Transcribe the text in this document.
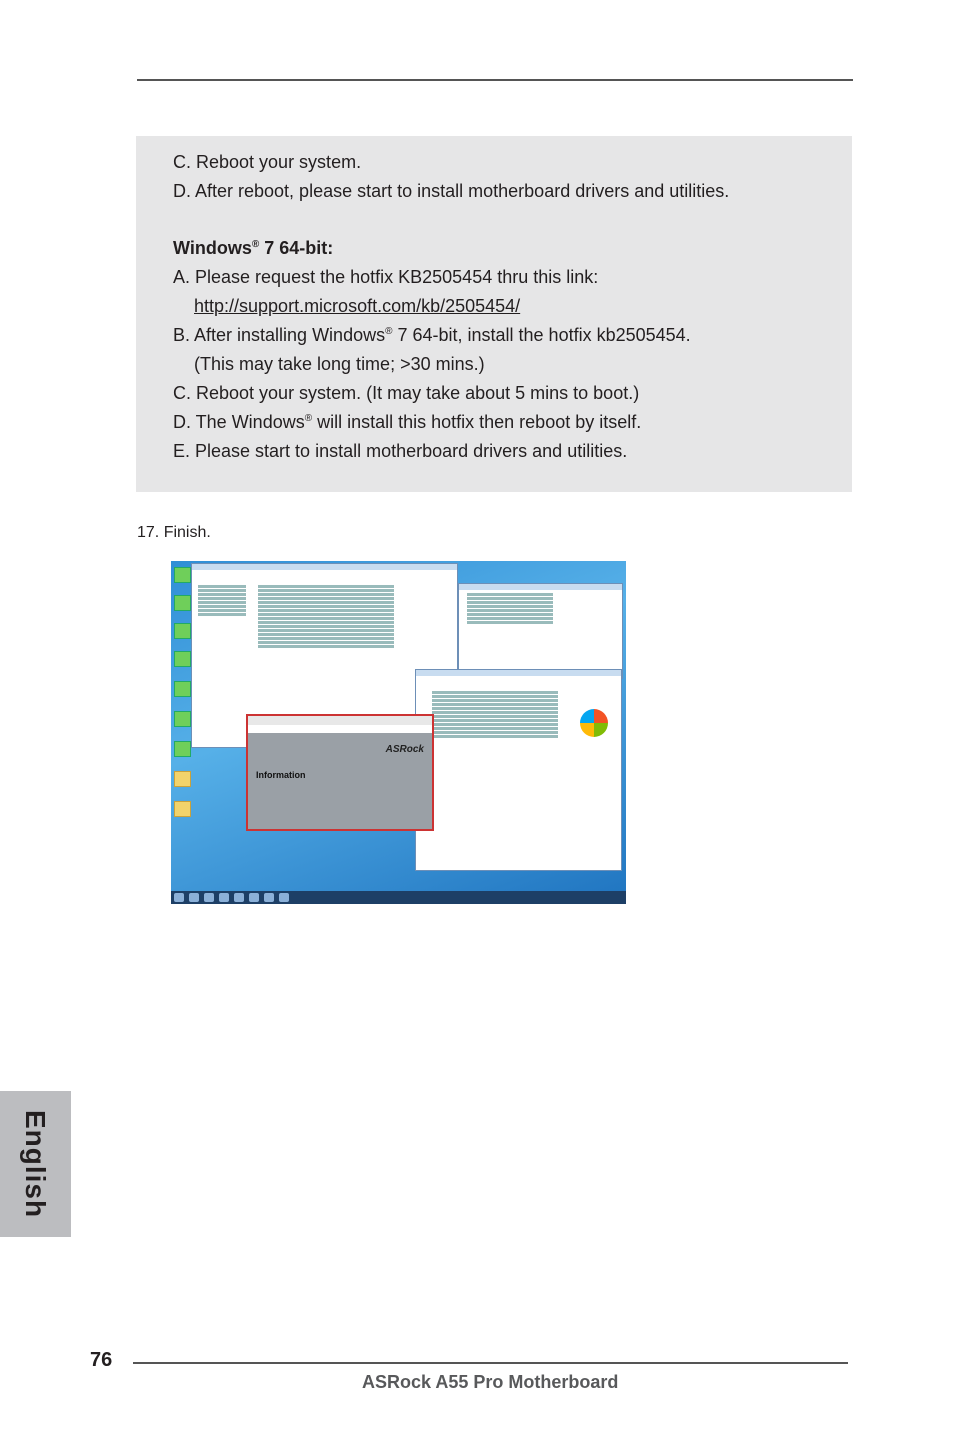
C. Reboot your system.
D. After reboot, please start to install motherboard drivers and utilities.
Windows® 7 64-bit:
A. Please request the hotfix KB2505454 thru this link:
http://support.microsoft.com/kb/2505454/
B. After installing Windows® 7 64-bit, install the hotfix kb2505454.
(This may take long time; >30 mins.)
C. Reboot your system. (It may take about 5 mins to boot.)
D. The Windows® will install this hotfix then reboot by itself.
E. Please start to install motherboard drivers and utilities.
17. Finish.
ASRock
Information
English
76
ASRock A55 Pro Motherboard
